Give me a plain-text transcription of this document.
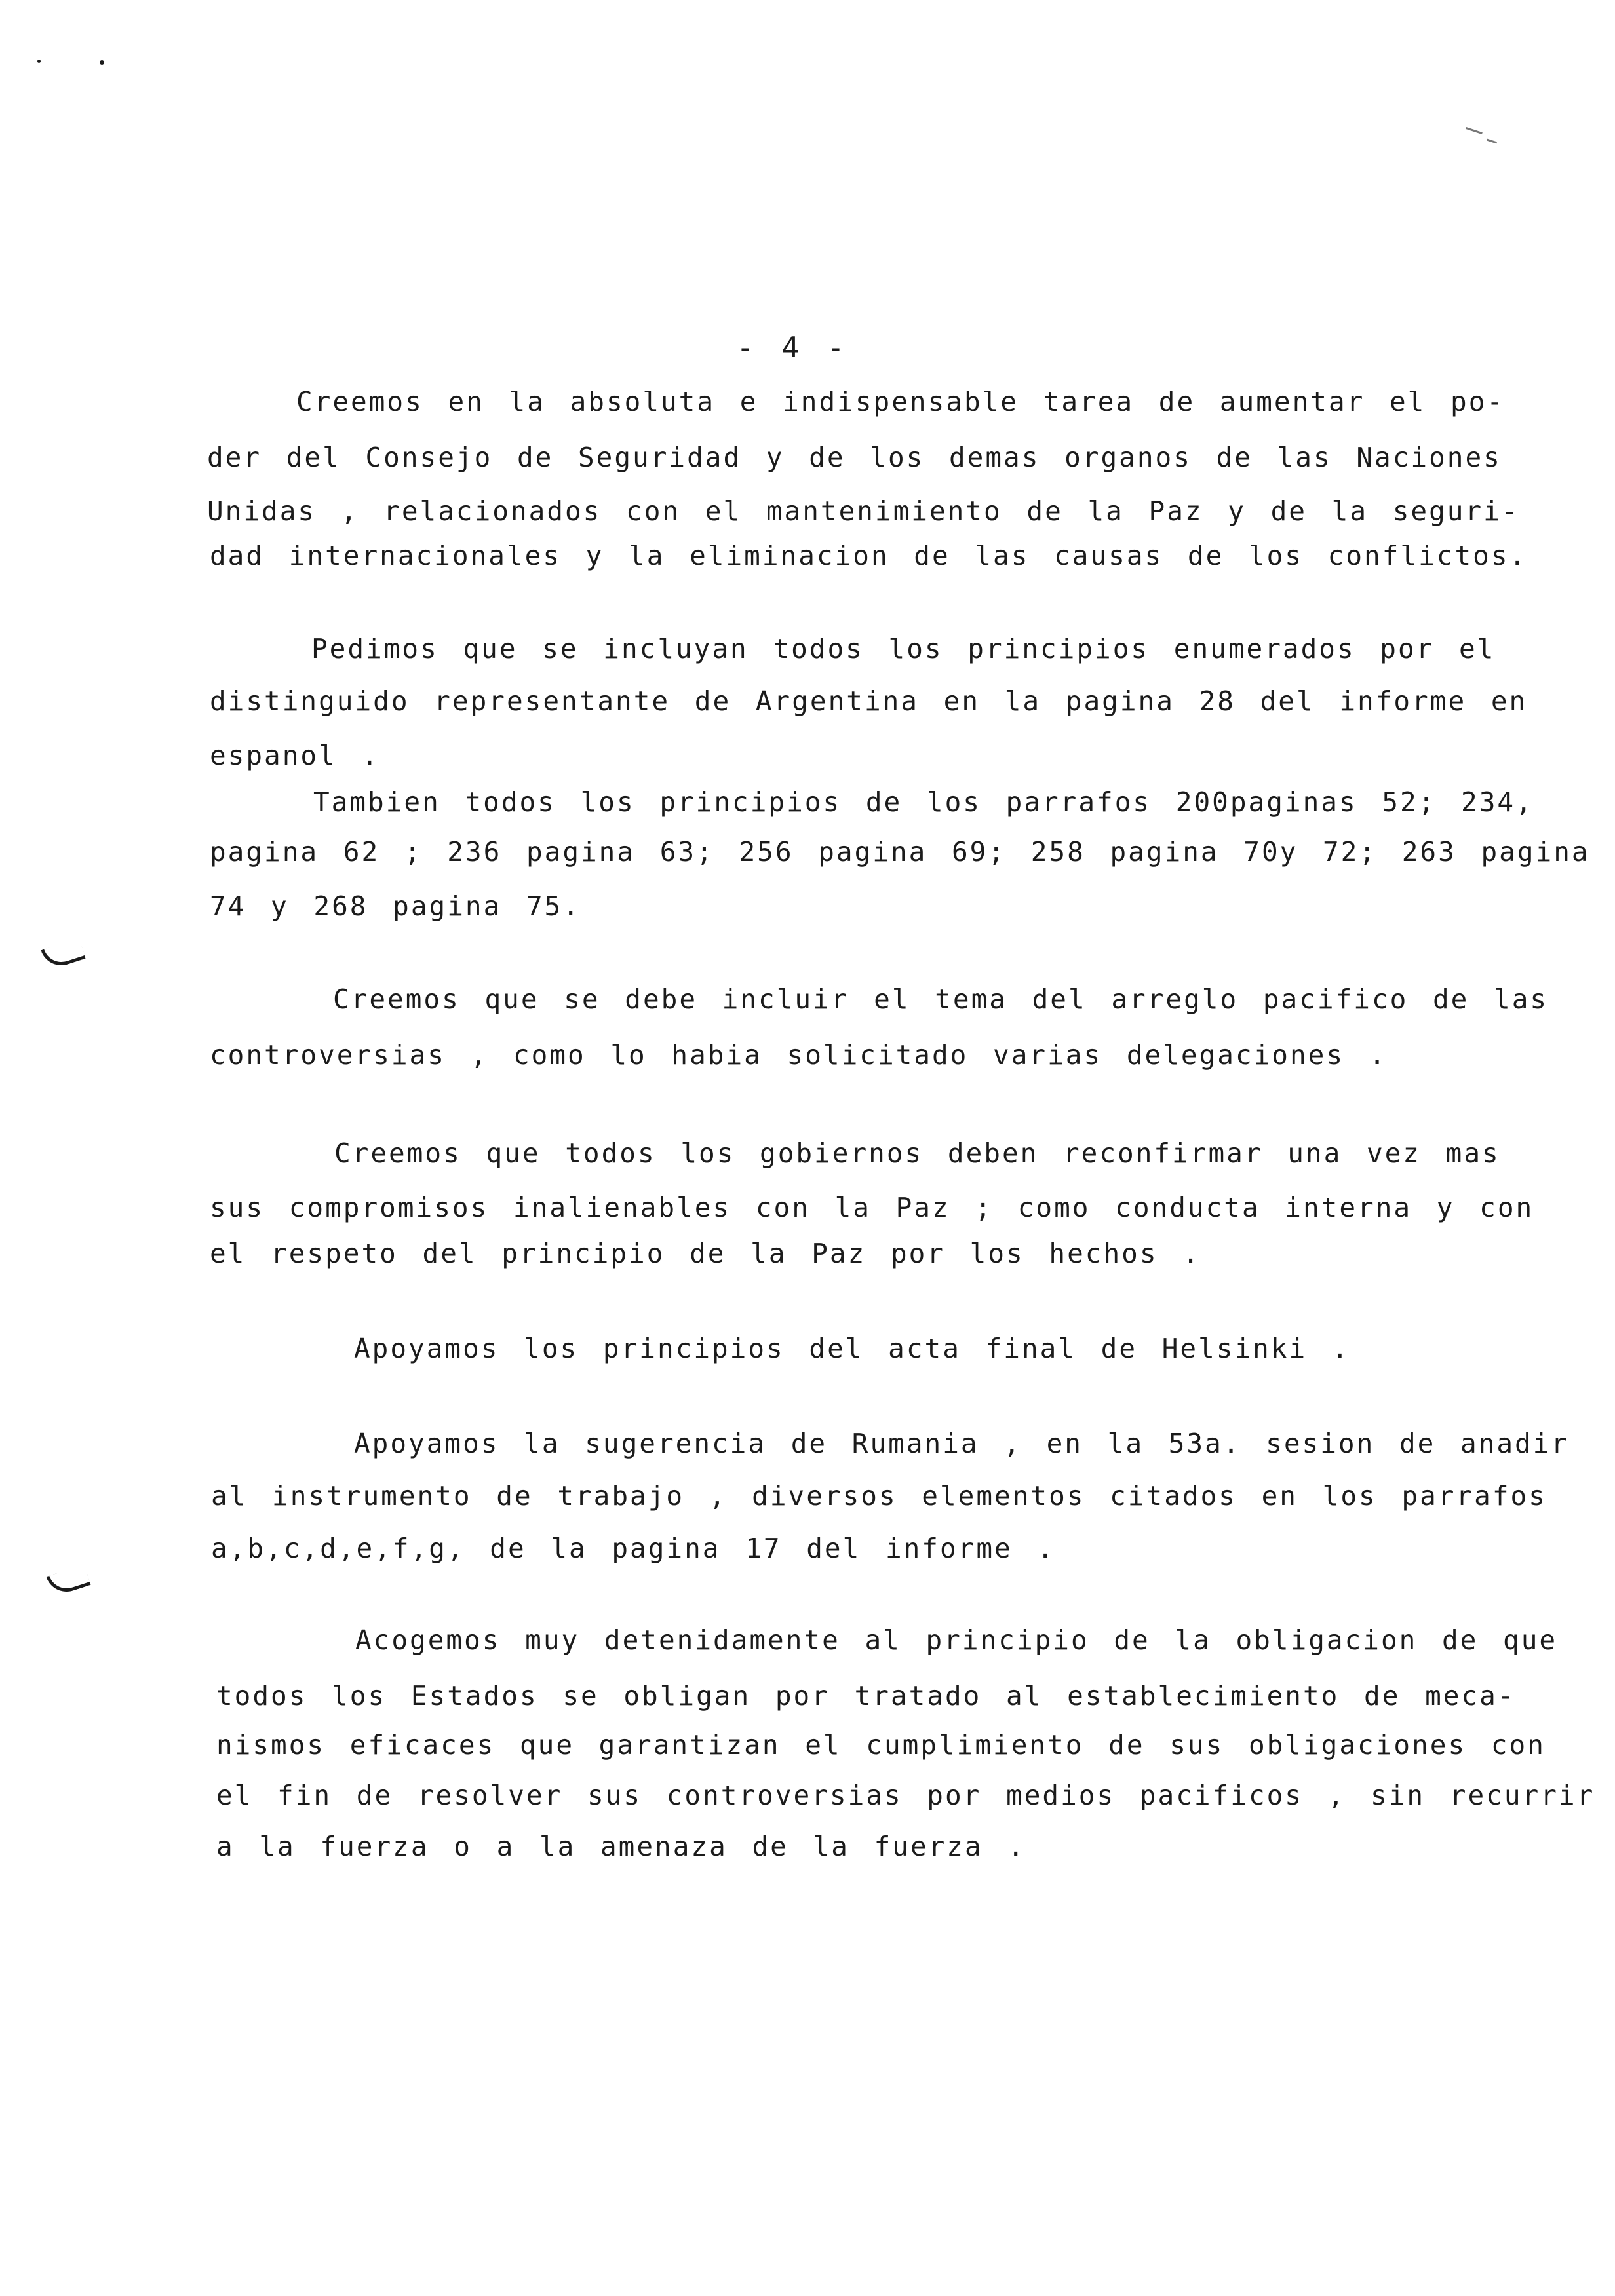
- 4 -
Creemos en la absoluta e indispensable tarea de aumentar el po-
der del Consejo de Seguridad y de los demas organos de las Naciones
Unidas , relacionados con el mantenimiento de la Paz y de la seguri-
dad internacionales y la eliminacion de las causas de los conflictos.
Pedimos que se incluyan todos los principios enumerados por el
distinguido representante de Argentina en la pagina 28 del informe en
espanol .
Tambien todos los principios de los parrafos 200paginas 52; 234,
pagina 62 ; 236 pagina 63; 256 pagina 69; 258 pagina 70y 72; 263 pagina
74 y 268 pagina 75.
Creemos que se debe incluir el tema del arreglo pacifico de las
controversias , como lo habia solicitado varias delegaciones .
Creemos que todos los gobiernos deben reconfirmar una vez mas
sus compromisos inalienables con la Paz ; como conducta interna y con
el respeto del principio de la Paz por los hechos .
Apoyamos los principios del acta final de Helsinki .
Apoyamos la sugerencia de Rumania , en la 53a. sesion de anadir
al instrumento de trabajo , diversos elementos citados en los parrafos
a,b,c,d,e,f,g, de la pagina 17 del informe .
Acogemos muy detenidamente al principio de la obligacion de que
todos los Estados se obligan por tratado al establecimiento de meca-
nismos eficaces que garantizan el cumplimiento de sus obligaciones con
el fin de resolver sus controversias por medios pacificos , sin recurrir
a la fuerza o a la amenaza de la fuerza .
